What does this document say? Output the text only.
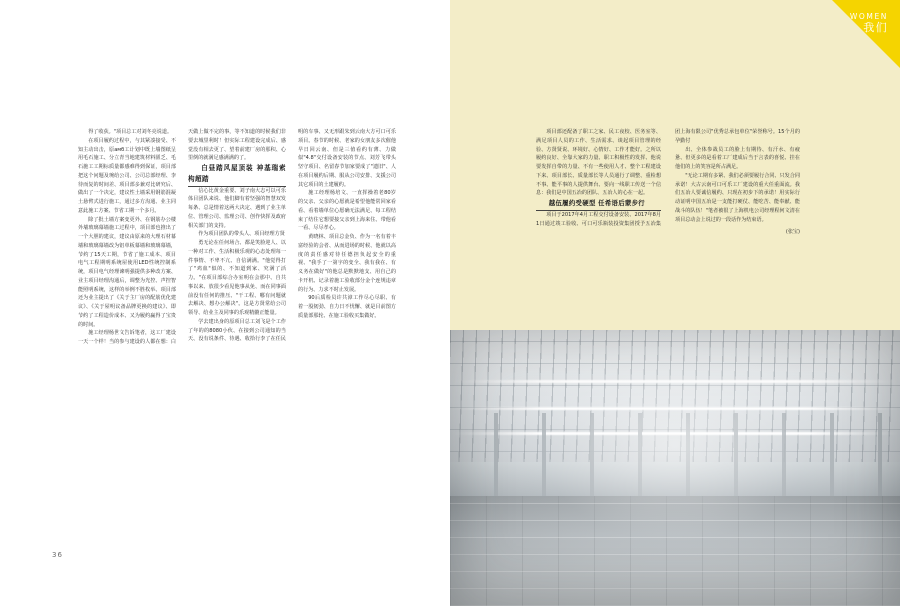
得了收获。"项目总工对刘冬亮说道。

在项目履约过程中，与其紧凑接受、不知主动出击，原амб工计划中既上墙图纸呈用毛石施工、分立青当地建筑材料匮乏、毛石施工工期标质量都感难得到保证，项目部把这个问题及琬给公司、公司总部经理、李待而复的时间差、项目部多兼对比研究后、做出了一个决定，建议性土墙采用钢筋混凝土悬臂式进行施工，通过多方沟通、业主同意此施工方案、节省工期一个多月。

除了批土墙方案变更外、在钢筋办公楼外墙玻璃幕墙施工过程中，项目部也推出了一个大胆的建议，建议由原来的大理石材幕墙和玻璃幕墙改为铝单板幕墙和玻璃幕墙，节约了15天工期，节省了施工成本、项目电气工程期明系统屋使用LED性统控制系统，项目电气经理谏明强提供多种改方案、业主项目经理沟通后，调整为光控、声控智能照明系统，这样的举例不胜枚举、项目部还为业主提出了《关于主厂房的配筋优化建议》、《关于屋明议备品牌更换的建议》、即节约了工程造价成本、又为履约赢得了宝贵的时间。

施工经理杨世文告诉笔者，这工厂建设一天一个样！当的参与建设的人都在想：白天做上做不完的事，等不知道的时候我们非要去城里利时！但实际工程建设完成后、感觉没有相去更了、望着前建厂房的那积、心里倒的就满足感满满的了。

白昼踏风屋顶装 神基瑞索构超踏

信心比黄金重要、刘子南大志可以可乐体目团队来说、他们脚有着坚强的智慧双发每条、总是情着这两大决定、遇到了业主单位、管理公司、监理公司、创作快挥及政府相关部门的支持。

作为项目团队的带头人、项目经理方贤

勇无论在任何场合、都是笑脸迎人、以一种对工作、生活积极乐观的心态处理每一件事情、不卑不亢、自信满满。"他觉得打了"鸡血"似的、不知道到家、究满了活力。"在项目部综合办室明在会那中、自共事以来、放很少看见他事从免、而在同事面前没有任何的推压、"干工程、哪有问题就去解决、想办公解决"。这是方贤常给公司领导、给业主及同事的乐观精髓正能量。

学去建出身的原项目总工刘飞是个工作了年的的8080小伙、在接到公司通知的当天、没有说条件、待遇、收拾行李了在任民明的车事、又无形跟朱到云南大方可口可乐项目。春节的时候、老家的女朋友多次催他早日回云南、但是三值看约有薄、力做似"4.8"交付设备安装的节点、刘芳飞带头坚守项目、名留春节加家要成了"遗旧"、人在项目履约后期、服从公司安排、支援公司其它项目的土建履约。

施工经理杨培文、一直挥操着老80岁的父亲、父亲的心愿就是希望他能常回家看看、看着墙单位心愿确无法满足、每工程结束了结住它想要接父亲到上海来住、带他看一看、尽尽孝心。

黄晓林、项目总金负、作为一名有着丰富经验的会者、从而进场的时候、他就以高度的责任感对待任德担负起安全的重视、"我手了一第字的变全、我有我在、有义务在做好"的他总是默默地支、用自己的卡开机、记录着施工验收部分金个连规违章的行为、力求不时止发展。

90后质检员许共漳工作尽心尽职、有着一股韧劲、自力日不忧懈、就是目前图方质量部那轮、在施工验收买集做好。

36
WOMEN
我们

项目部还配备了职工之家、民工夜校、医务室等、满足项目人员的工作、生活需求、谈起项目管理的经验、方贤贤说、环境好、心情好、工作才能好。之所以履约良好、全靠大家的力量、职工积极性的发挥、他说要发挥自带的力量、不有一些使用人才、整个工程建设下来、项目部长、质量部长等人员通行了调整、重检想不事、能平事的人提供舞台、要向一线职工传送一个信息：我们是中国五冶的团队、五冶人的心在一起。

越伍履约受硬型 任希语后蒙步行

项目于2017年4月工程交付设备安装、2017年8月1日通过竣工验收、可口可乐瓶装投资集团授予五冶集团上海有限公司"优秀总承包单位"荣誉称号。15个月的孕勤付

出、全体参战员工的脸上有期待、有汗水、有疲惫、但更多的是看着工厂建成后当于言表的喜悦、挂在他们的上的笑容是所占满足。

"无论工期有多紧、我们必须要履行合同、只发合同承诺！大古云南可口可乐工厂建设的重大任重面流。我们五冶人要诚信履约、只现在初步下的承诺！用实际行动证明中国五冶是一支能打硬仗、能吃苦、能奉献、能战斗的队伍！"笔者被很了上海机电公司经理程何文清在项目总动会上说过的一段话作为结束语。

(张宝)
